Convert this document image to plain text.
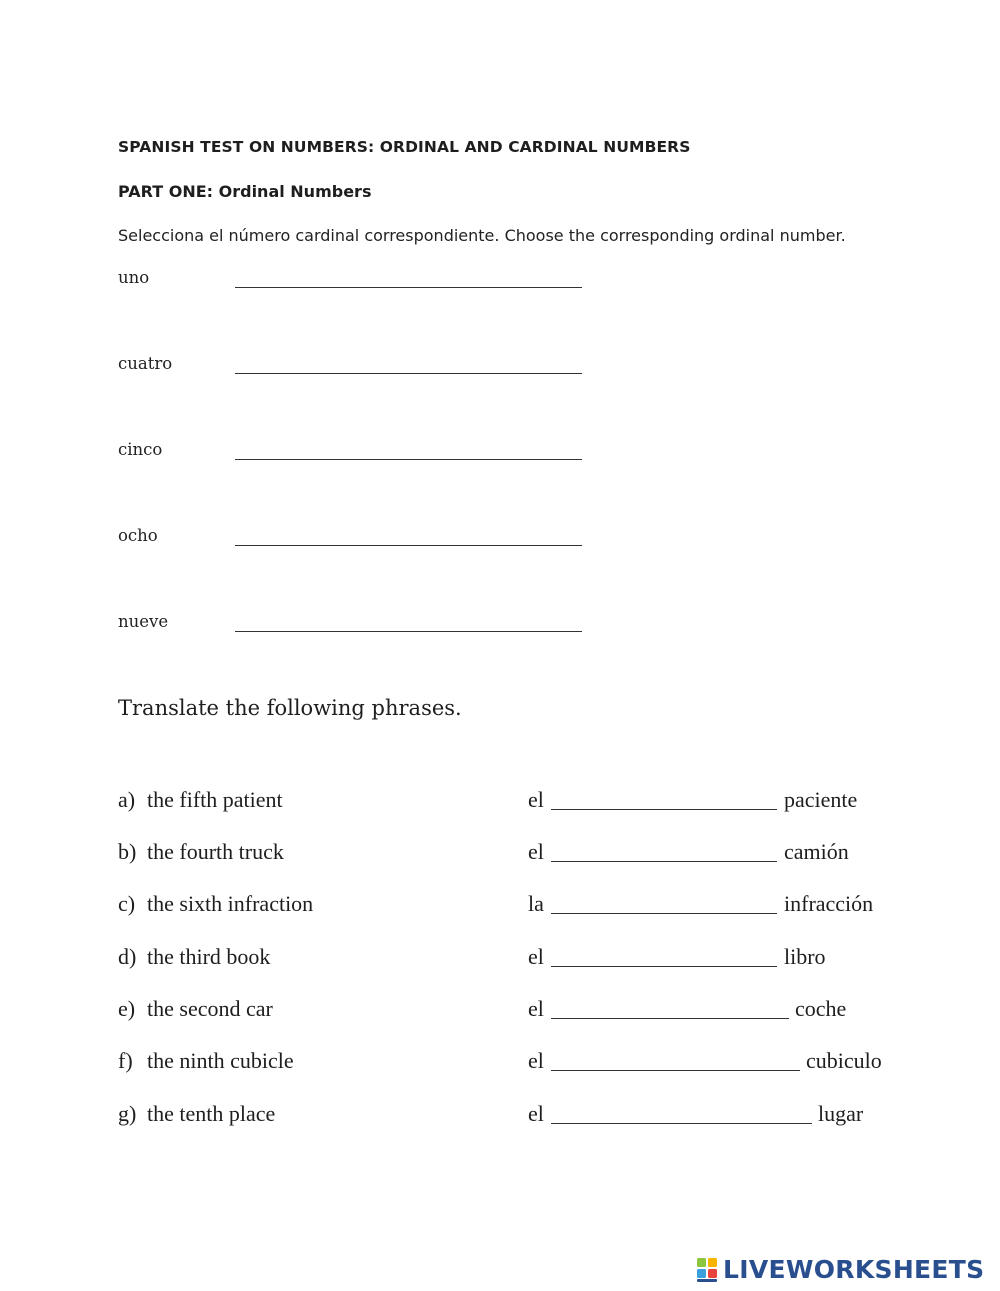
SPANISH TEST ON NUMBERS: ORDINAL AND CARDINAL NUMBERS
PART ONE: Ordinal Numbers
Selecciona el número cardinal correspondiente. Choose the corresponding ordinal number.
uno
cuatro
cinco
ocho
nueve
Translate the following phrases.
a) the fifth patient	el	paciente
b) the fourth truck	el	camión
c) the sixth infraction	la	infracción
d) the third book	el	libro
e) the second car	el	coche
f) the ninth cubicle	el	cubiculo
g) the tenth place	el	lugar
LIVEWORKSHEETS
